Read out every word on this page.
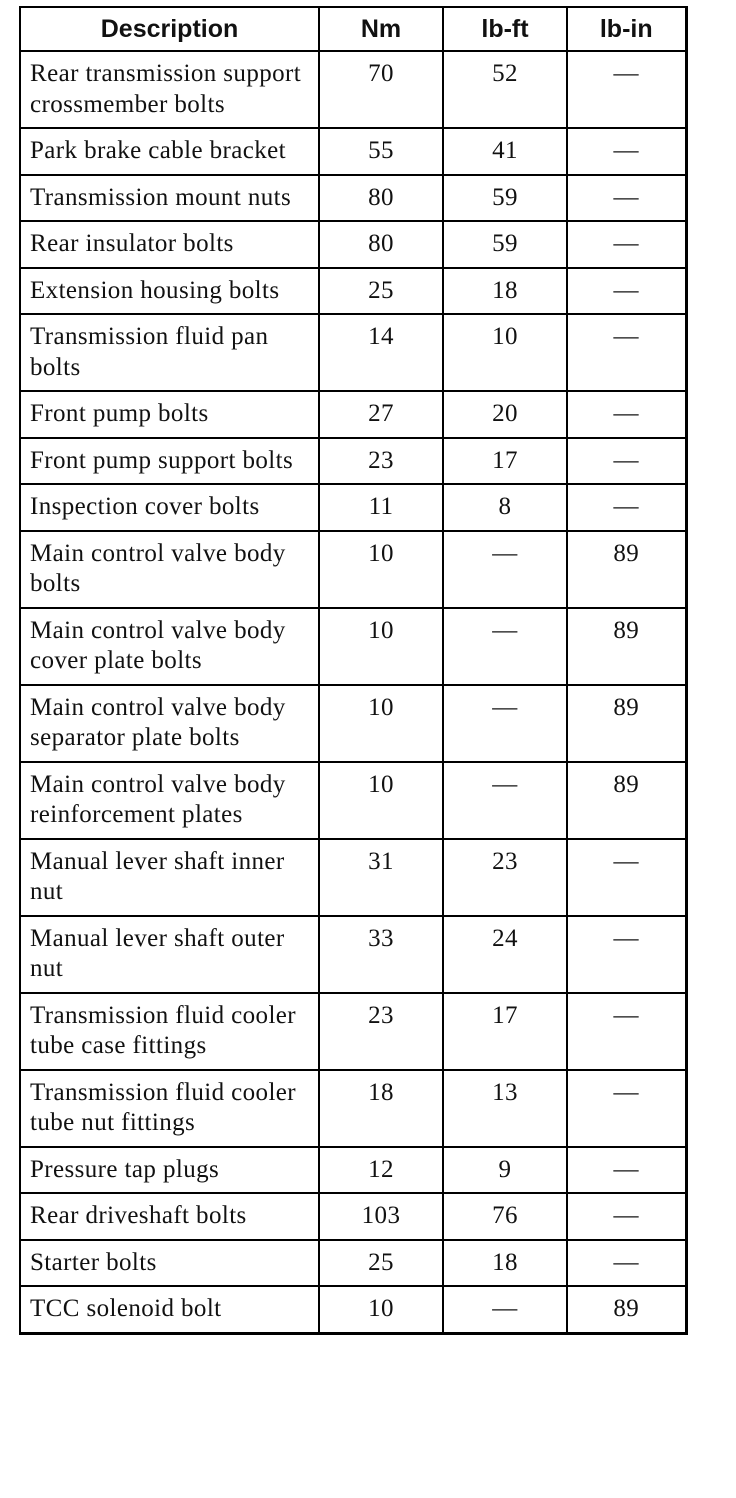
Description	Nm	lb-ft	lb-in
Rear transmission support crossmember bolts	70	52	—
Park brake cable bracket	55	41	—
Transmission mount nuts	80	59	—
Rear insulator bolts	80	59	—
Extension housing bolts	25	18	—
Transmission fluid pan bolts	14	10	—
Front pump bolts	27	20	—
Front pump support bolts	23	17	—
Inspection cover bolts	11	8	—
Main control valve body bolts	10	—	89
Main control valve body cover plate bolts	10	—	89
Main control valve body separator plate bolts	10	—	89
Main control valve body reinforcement plates	10	—	89
Manual lever shaft inner nut	31	23	—
Manual lever shaft outer nut	33	24	—
Transmission fluid cooler tube case fittings	23	17	—
Transmission fluid cooler tube nut fittings	18	13	—
Pressure tap plugs	12	9	—
Rear driveshaft bolts	103	76	—
Starter bolts	25	18	—
TCC solenoid bolt	10	—	89
